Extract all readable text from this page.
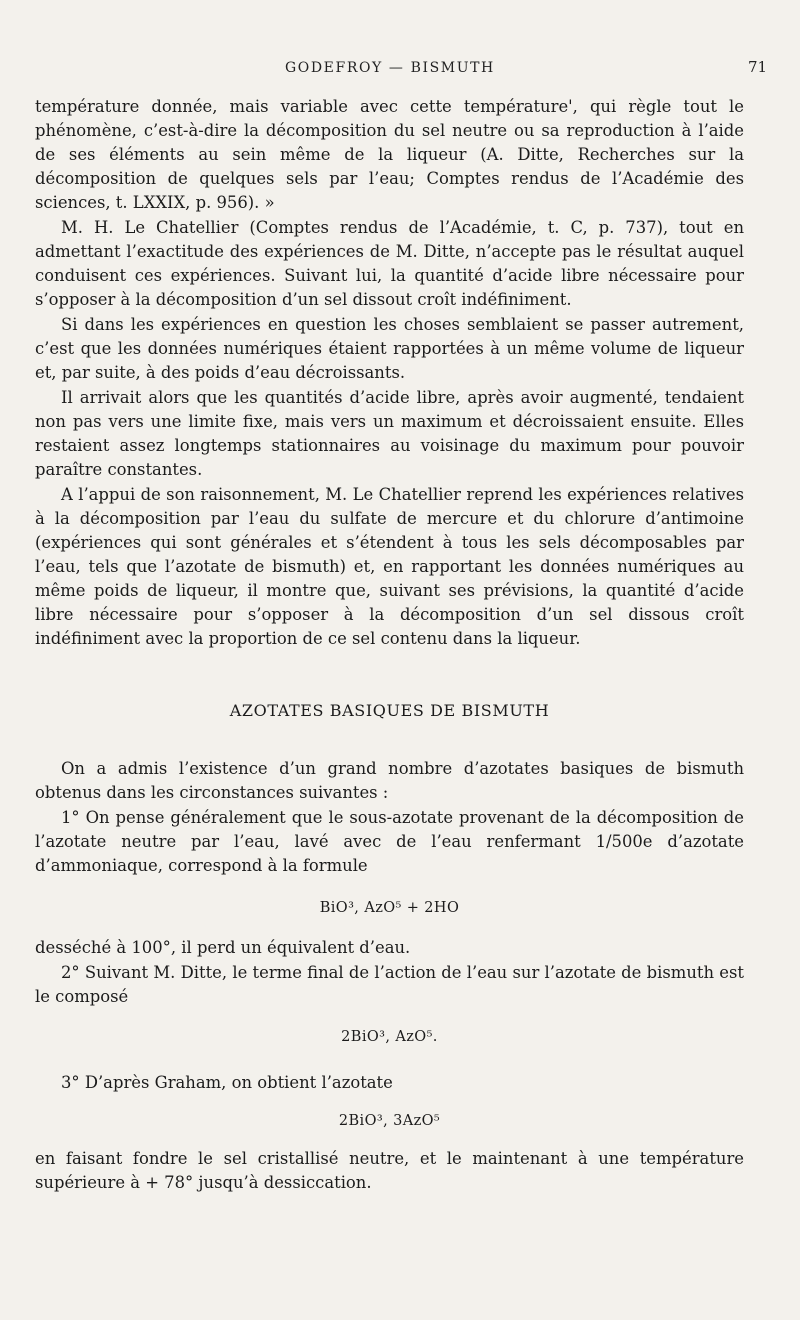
GODEFROY — BISMUTH	71

température donnée, mais variable avec cette température', qui règle tout le phénomène, c’est-à-dire la décomposition du sel neutre ou sa reproduction à l’aide de ses éléments au sein même de la liqueur (A. Ditte, Recherches sur la décomposition de quelques sels par l’eau; Comptes rendus de l’Académie des sciences, t. LXXIX, p. 956). »

M. H. Le Chatellier (Comptes rendus de l’Académie, t. C, p. 737), tout en admettant l’exactitude des expériences de M. Ditte, n’accepte pas le résultat auquel conduisent ces expériences. Suivant lui, la quantité d’acide libre nécessaire pour s’opposer à la décomposition d’un sel dissout croît indéfiniment.

Si dans les expériences en question les choses semblaient se passer autrement, c’est que les données numériques étaient rapportées à un même volume de liqueur et, par suite, à des poids d’eau décroissants.

Il arrivait alors que les quantités d’acide libre, après avoir augmenté, tendaient non pas vers une limite fixe, mais vers un maximum et décroissaient ensuite. Elles restaient assez longtemps stationnaires au voisinage du maximum pour pouvoir paraître constantes.

A l’appui de son raisonnement, M. Le Chatellier reprend les expériences relatives à la décomposition par l’eau du sulfate de mercure et du chlorure d’antimoine (expériences qui sont générales et s’étendent à tous les sels décomposables par l’eau, tels que l’azotate de bismuth) et, en rapportant les données numériques au même poids de liqueur, il montre que, suivant ses prévisions, la quantité d’acide libre nécessaire pour s’opposer à la décomposition d’un sel dissous croît indéfiniment avec la proportion de ce sel contenu dans la liqueur.

AZOTATES BASIQUES DE BISMUTH

On a admis l’existence d’un grand nombre d’azotates basiques de bismuth obtenus dans les circonstances suivantes :

1° On pense généralement que le sous-azotate provenant de la décomposition de l’azotate neutre par l’eau, lavé avec de l’eau renfermant 1/500e d’azotate d’ammoniaque, correspond à la formule

BiO³, AzO⁵ + 2HO

desséché à 100°, il perd un équivalent d’eau.

2° Suivant M. Ditte, le terme final de l’action de l’eau sur l’azotate de bismuth est le composé

2BiO³, AzO⁵.

3° D’après Graham, on obtient l’azotate

2BiO³, 3AzO⁵

en faisant fondre le sel cristallisé neutre, et le maintenant à une température supérieure à + 78° jusqu’à dessiccation.
